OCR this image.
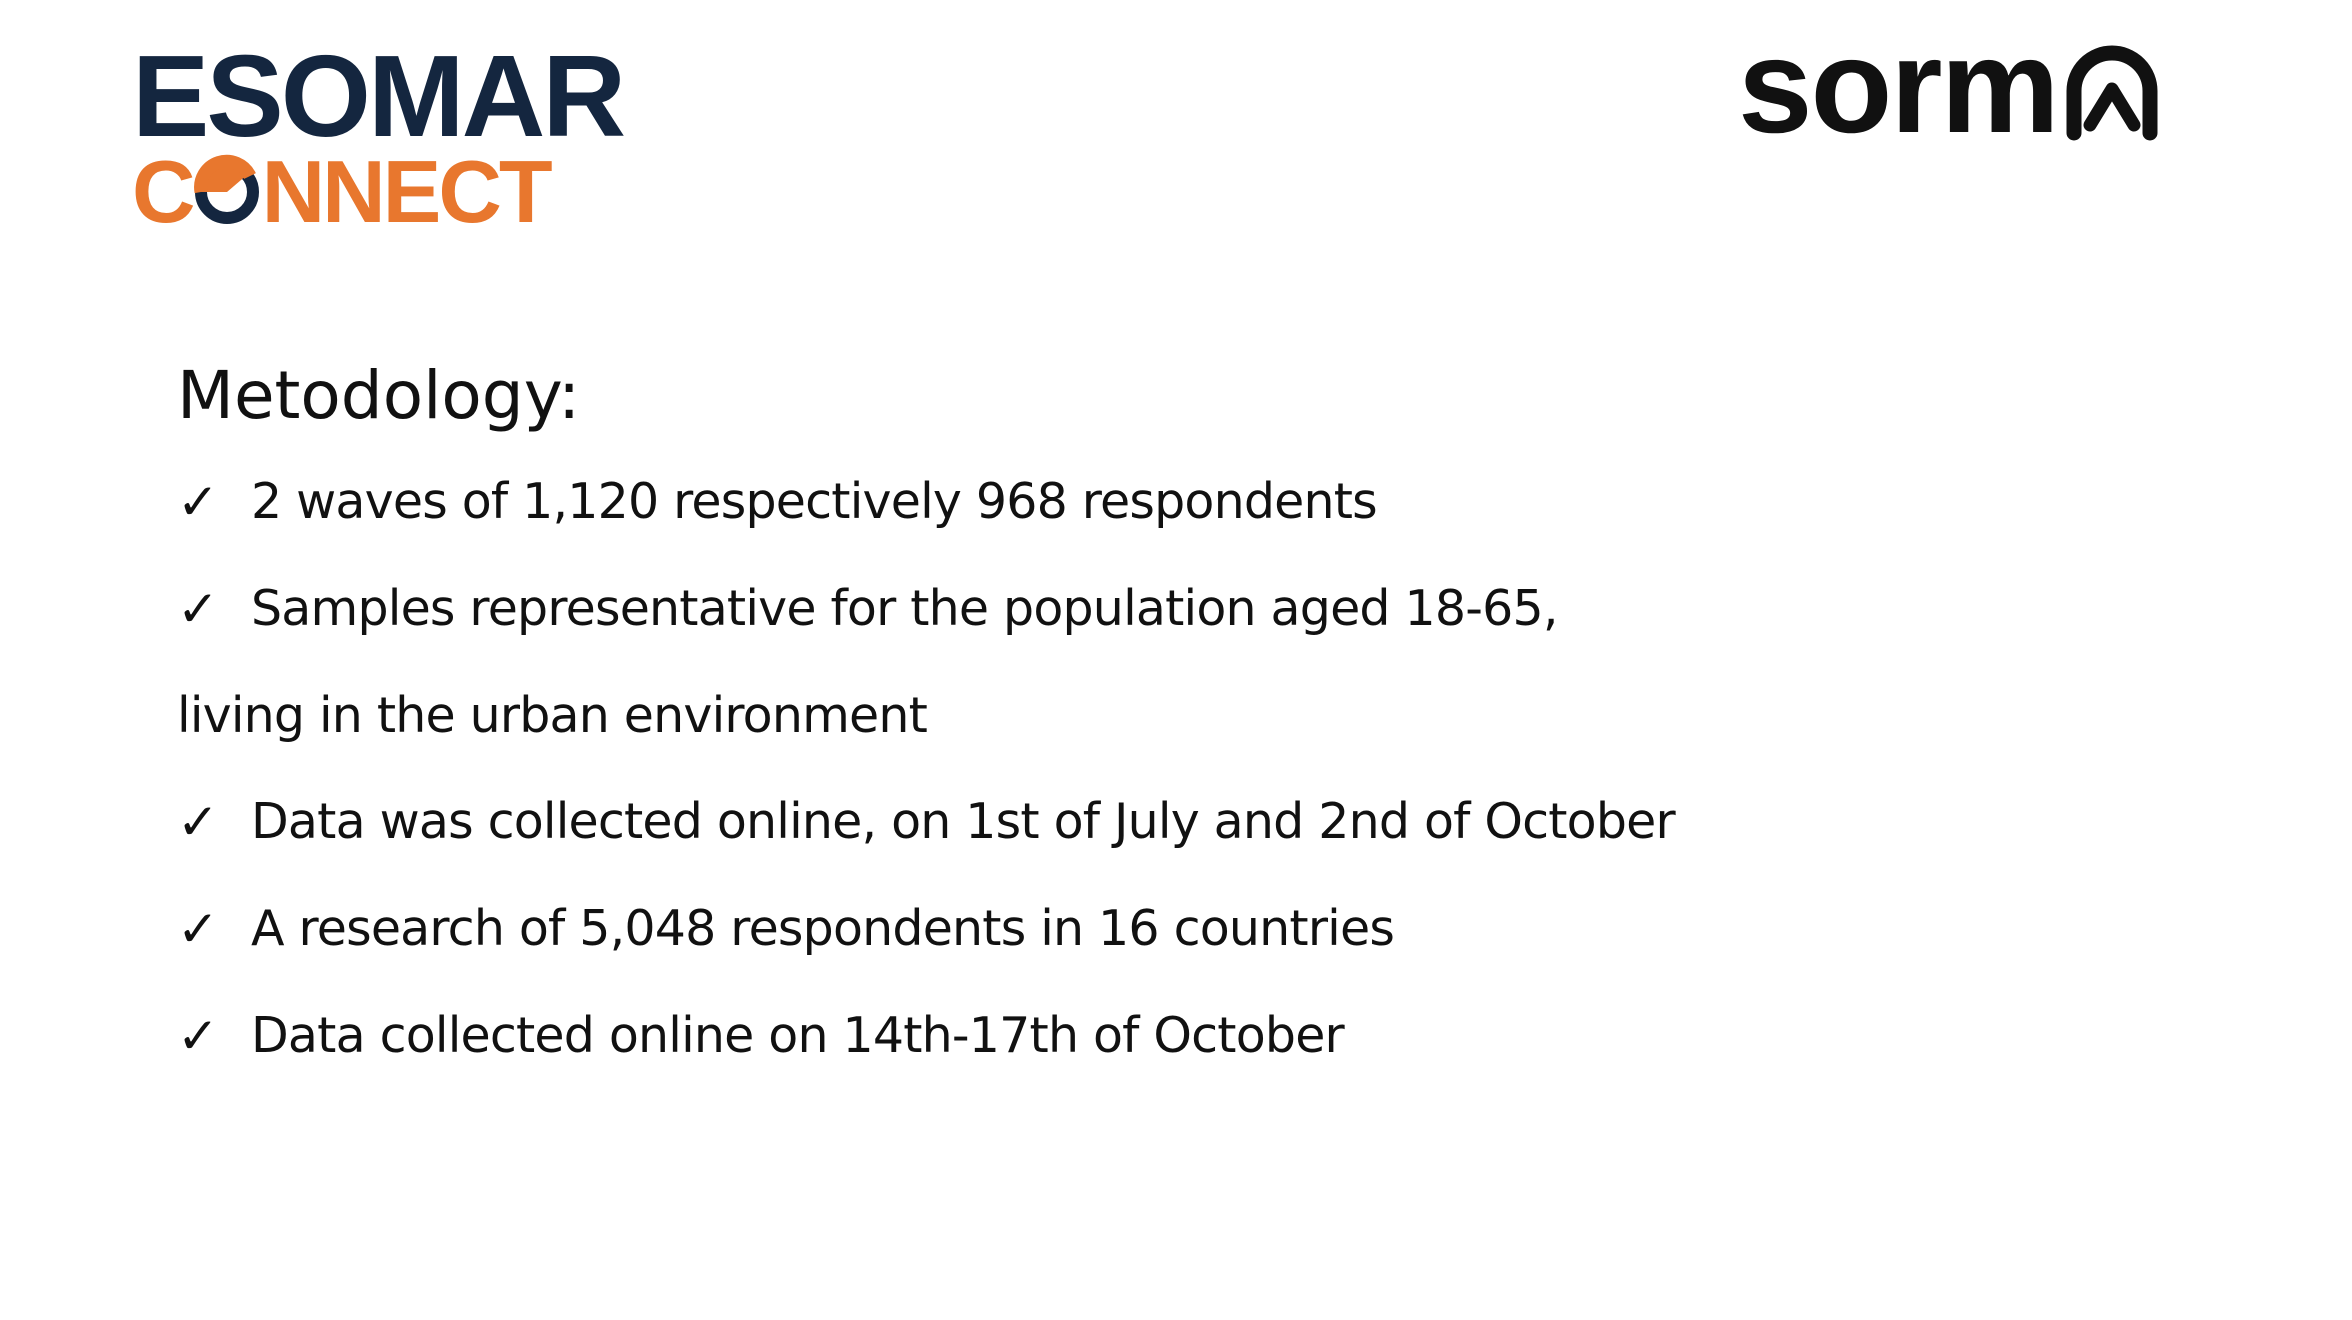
ESOMAR
C NNECT
sorm
Metodology:
✓ 2 waves of 1,120 respectively 968 respondents
✓ Samples representative for the population aged 18-65,
living in the urban environment
✓ Data was collected online, on 1st of July and 2nd of October
✓ A research of 5,048 respondents in 16 countries
✓ Data collected online on 14th-17th of October
